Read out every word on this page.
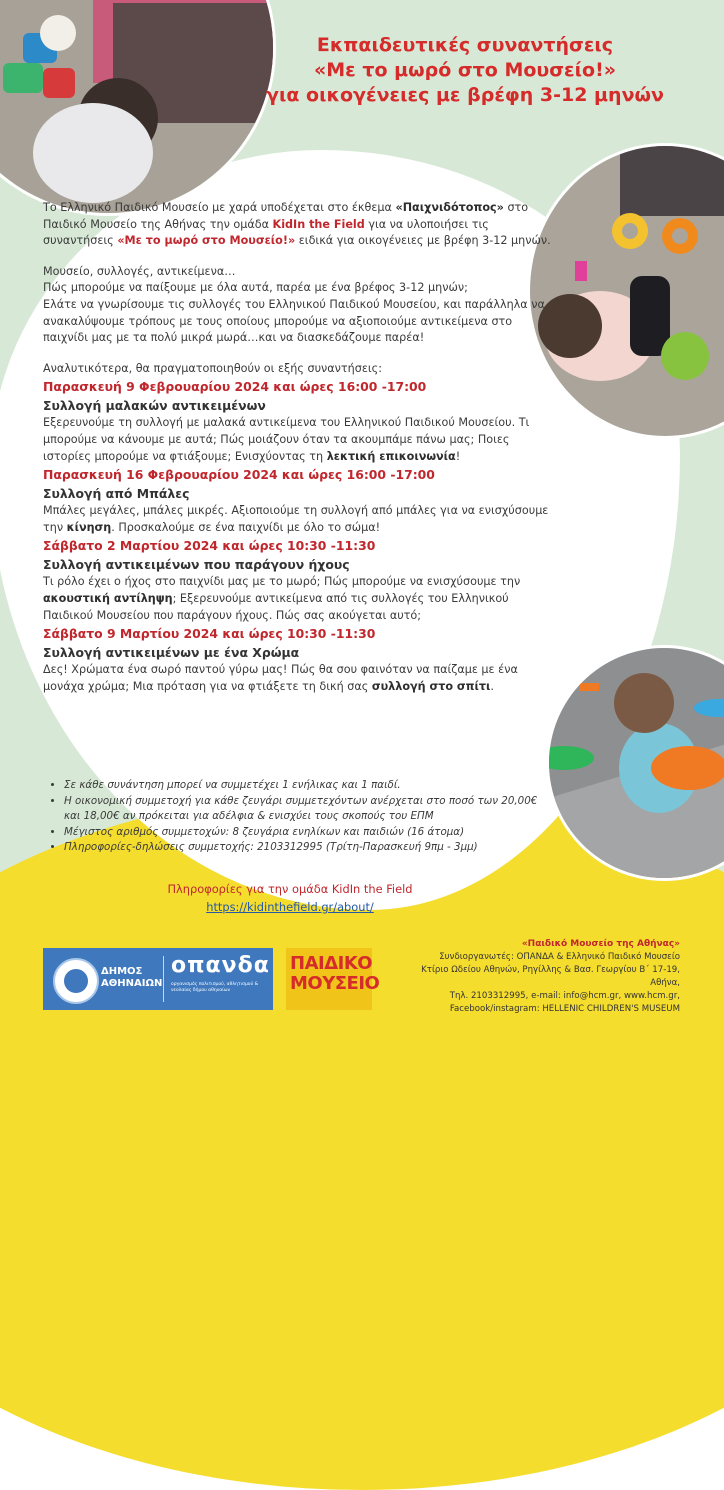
Εκπαιδευτικές συναντήσεις
«Με το μωρό στο Μουσείο!»
για οικογένειες με βρέφη 3-12 μηνών

Το Ελληνικό Παιδικό Μουσείο με χαρά υποδέχεται στο έκθεμα «Παιχνιδότοπος» στο Παιδικό Μουσείο της Αθήνας την ομάδα KidIn the Field για να υλοποιήσει τις συναντήσεις «Με το μωρό στο Μουσείο!» ειδικά για οικογένειες με βρέφη 3-12 μηνών.

Μουσείο, συλλογές, αντικείμενα…

Πώς μπορούμε να παίξουμε με όλα αυτά, παρέα με ένα βρέφος 3-12 μηνών;

Ελάτε να γνωρίσουμε τις συλλογές του Ελληνικού Παιδικού Μουσείου, και παράλληλα να ανακαλύψουμε τρόπους με τους οποίους μπορούμε να αξιοποιούμε αντικείμενα στο παιχνίδι μας με τα πολύ μικρά μωρά…και να διασκεδάζουμε παρέα!

Αναλυτικότερα, θα πραγματοποιηθούν οι εξής συναντήσεις:

Παρασκευή 9 Φεβρουαρίου 2024 και ώρες 16:00 -17:00
Συλλογή μαλακών αντικειμένων

Εξερευνούμε τη συλλογή με μαλακά αντικείμενα του Ελληνικού Παιδικού Μουσείου. Τι μπορούμε να κάνουμε με αυτά; Πώς μοιάζουν όταν τα ακουμπάμε πάνω μας; Ποιες ιστορίες μπορούμε να φτιάξουμε; Ενισχύοντας τη λεκτική επικοινωνία!

Παρασκευή 16 Φεβρουαρίου 2024 και ώρες 16:00 -17:00
Συλλογή από Μπάλες

Μπάλες μεγάλες, μπάλες μικρές. Αξιοποιούμε τη συλλογή από μπάλες για να ενισχύσουμε την κίνηση. Προσκαλούμε σε ένα παιχνίδι με όλο το σώμα!

Σάββατο 2 Μαρτίου 2024 και ώρες 10:30 -11:30
Συλλογή αντικειμένων που παράγουν ήχους

Τι ρόλο έχει ο ήχος στο παιχνίδι μας με το μωρό; Πώς μπορούμε να ενισχύσουμε την ακουστική αντίληψη; Εξερευνούμε αντικείμενα από τις συλλογές του Ελληνικού Παιδικού Μουσείου που παράγουν ήχους. Πώς σας ακούγεται αυτό;

Σάββατο 9 Μαρτίου 2024 και ώρες 10:30 -11:30
Συλλογή αντικειμένων με ένα Χρώμα

Δες! Χρώματα ένα σωρό παντού γύρω μας! Πώς θα σου φαινόταν να παίζαμε με ένα μονάχα χρώμα; Μια πρόταση για να φτιάξετε τη δική σας συλλογή στο σπίτι.

• Σε κάθε συνάντηση μπορεί να συμμετέχει 1 ενήλικας και 1 παιδί.
• Η οικονομική συμμετοχή για κάθε ζευγάρι συμμετεχόντων ανέρχεται στο ποσό των 20,00€ και 18,00€ αν πρόκειται για αδέλφια & ενισχύει τους σκοπούς του ΕΠΜ
• Μέγιστος αριθμός συμμετοχών: 8 ζευγάρια ενηλίκων και παιδιών (16 άτομα)
• Πληροφορίες-δηλώσεις συμμετοχής: 2103312995 (Τρίτη-Παρασκευή 9πμ - 3μμ)
Πληροφορίες για την ομάδα KidIn the Field
https://kidinthefield.gr/about/
ΔΗΜΟΣ
ΑΘΗΝΑΙΩΝ
οπανδα
οργανισμός πολιτισμού, αθλητισμού & νεολαίας δήμου αθηναίων
ΠΑΙΔΙΚΟ
ΜΟΥΣΕΙΟ
«Παιδικό Μουσείο της Αθήνας»
Συνδιοργανωτές: ΟΠΑΝΔΑ & Ελληνικό Παιδικό Μουσείο
Κτίριο Ωδείου Αθηνών, Ρηγίλλης & Βασ. Γεωργίου Β΄ 17-19, Αθήνα,
Τηλ. 2103312995, e-mail: info@hcm.gr, www.hcm.gr,
Facebook/instagram: HELLENIC CHILDREN'S MUSEUM
